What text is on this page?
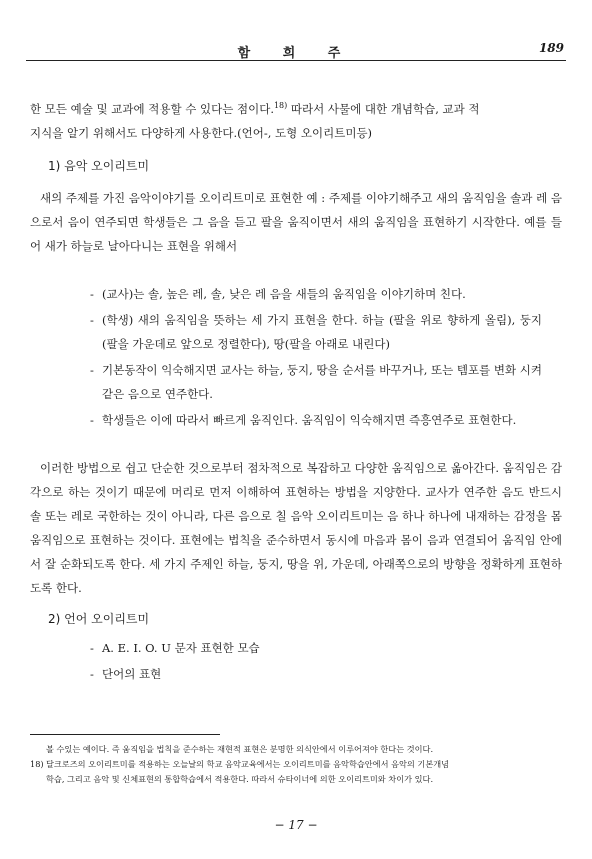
함 희 주	189

한 모든 예술 및 교과에 적용할 수 있다는 점이다.$^{18)}$ 따라서 사물에 대한 개념학습, 교과 적
지식을 알기 위해서도 다양하게 사용한다.(언어-, 도형 오이리트미등)

1) 음악 오이리트미

새의 주제를 가진 음악이야기를 오이리트미로 표현한 예 : 주제를 이야기해주고 새의 움직임을 솔과 레 음으로서 음이 연주되면 학생들은 그 음을 듣고 팔을 움직이면서 새의 움직임을 표현하기 시작한다. 예를 들어 새가 하늘로 날아다니는 표현을 위해서

- (교사)는 솔, 높은 레, 솔, 낮은 레 음을 새들의 움직임을 이야기하며 친다.
- (학생) 새의 움직임을 뜻하는 세 가지 표현을 한다. 하늘 (팔을 위로 향하게 올림), 둥지(팔을 가운데로 앞으로 정렬한다), 땅(팔을 아래로 내린다)
- 기본동작이 익숙해지면 교사는 하늘, 둥지, 땅을 순서를 바꾸거나, 또는 템포를 변화 시켜 같은 음으로 연주한다.
- 학생들은 이에 따라서 빠르게 움직인다. 움직임이 익숙해지면 즉흥연주로 표현한다.

이러한 방법으로 쉽고 단순한 것으로부터 점차적으로 복잡하고 다양한 움직임으로 옮아간다. 움직임은 감각으로 하는 것이기 때문에 머리로 먼저 이해하여 표현하는 방법을 지양한다. 교사가 연주한 음도 반드시 솔 또는 레로 국한하는 것이 아니라, 다른 음으로 칠 음악 오이리트미는 음 하나 하나에 내재하는 감정을 몸 움직임으로 표현하는 것이다. 표현에는 법칙을 준수하면서 동시에 마음과 몸이 음과 연결되어 움직임 안에서 잘 순화되도록 한다. 세 가지 주제인 하늘, 둥지, 땅을 위, 가운데, 아래쪽으로의 방향을 정확하게 표현하도록 한다.

2) 언어 오이리트미
- A. E. I. O. U 문자 표현한 모습
- 단어의 표현
볼 수있는 예이다. 즉 움직임을 법칙을 준수하는 재현적 표현은 분명한 의식안에서 이루어져야 한다는 것이다.
18) 달크로즈의 오이리트미를 적용하는 오늘날의 학교 음악교육에서는 오이리트미를 음악학습안에서 음악의 기본개념
학습, 그리고 음악 및 신체표현의 통합학습에서 적용한다. 따라서 슈타이너에 의한 오이리트미와 차이가 있다.
− 17 −
